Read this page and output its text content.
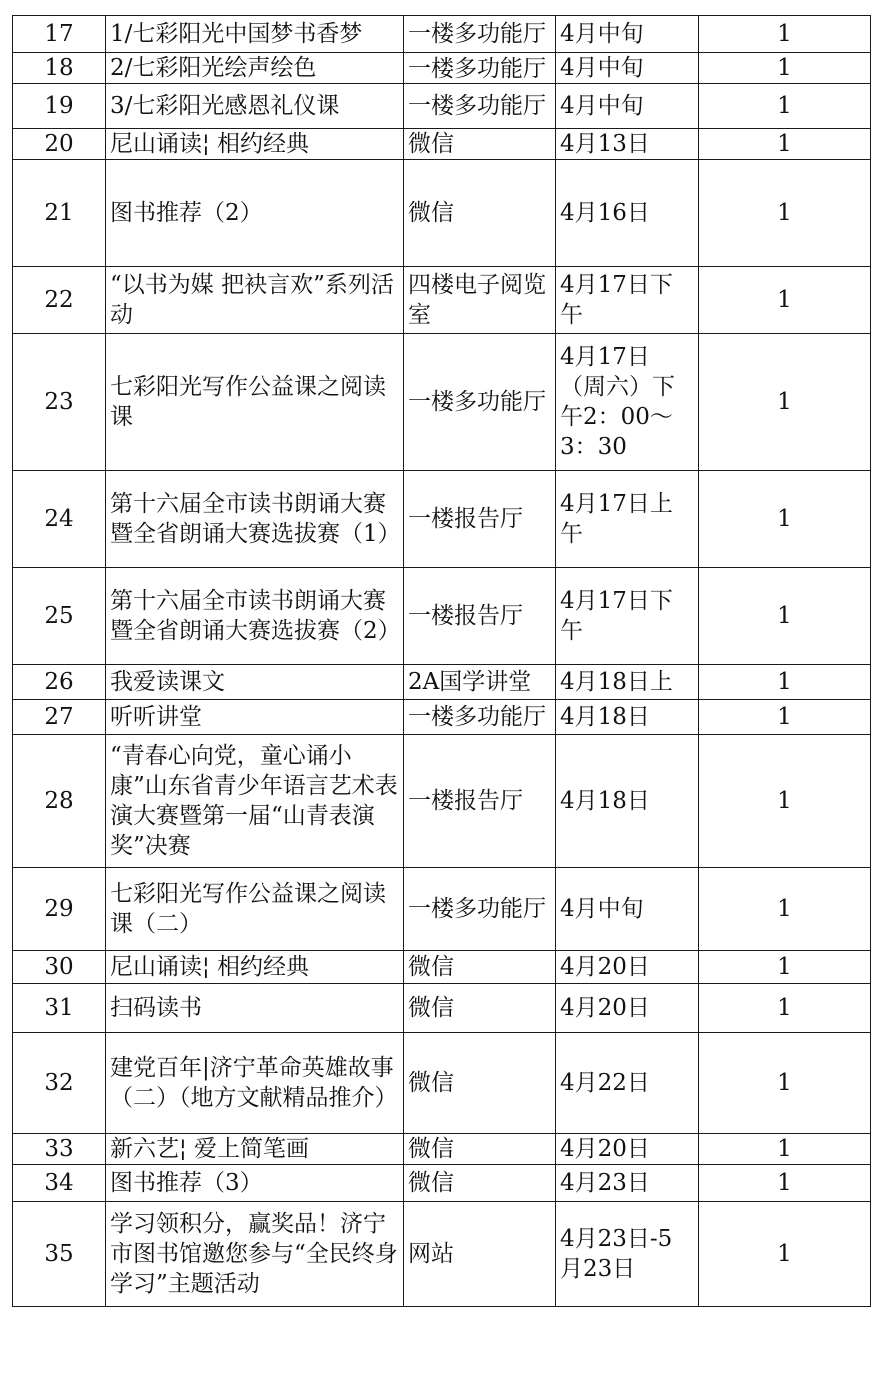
17	1/七彩阳光中国梦书香梦	一楼多功能厅	4月中旬	1
18	2/七彩阳光绘声绘色	一楼多功能厅	4月中旬	1
19	3/七彩阳光感恩礼仪课	一楼多功能厅	4月中旬	1
20	尼山诵读¦ 相约经典	微信	4月13日	1
21	图书推荐（2）	微信	4月16日	1
22	“以书为媒 把袂言欢”系列活动	四楼电子阅览室	4月17日下午	1
23	七彩阳光写作公益课之阅读课	一楼多功能厅	4月17日（周六）下午2：00～3：30	1
24	第十六届全市读书朗诵大赛暨全省朗诵大赛选拔赛（1）	一楼报告厅	4月17日上午	1
25	第十六届全市读书朗诵大赛暨全省朗诵大赛选拔赛（2）	一楼报告厅	4月17日下午	1
26	我爱读课文	2A国学讲堂	4月18日上	1
27	听听讲堂	一楼多功能厅	4月18日	1
28	“青春心向党，童心诵小康”山东省青少年语言艺术表演大赛暨第一届“山青表演奖”决赛	一楼报告厅	4月18日	1
29	七彩阳光写作公益课之阅读课（二）	一楼多功能厅	4月中旬	1
30	尼山诵读¦ 相约经典	微信	4月20日	1
31	扫码读书	微信	4月20日	1
32	建党百年|济宁革命英雄故事（二）（地方文献精品推介）	微信	4月22日	1
33	新六艺¦ 爱上简笔画	微信	4月20日	1
34	图书推荐（3）	微信	4月23日	1
35	学习领积分，赢奖品！济宁市图书馆邀您参与“全民终身学习”主题活动	网站	4月23日-5月23日	1
